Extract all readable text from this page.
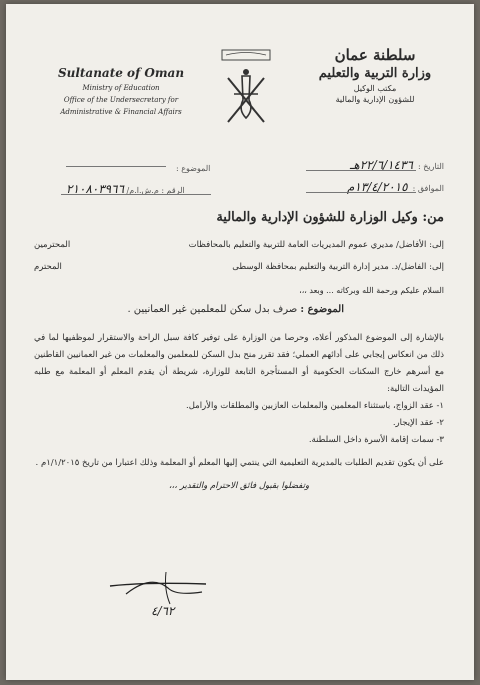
Sultanate of Oman
Ministry of Education
Office of the Undersecretary for
Administrative & Financial Affairs
سلطنة عمان
وزارة التربية والتعليم
مكتب الوكيل
للشؤون الإدارية والمالية
التاريخ : ٢٢/٦/١٤٣٦هـ
الموافق : ١٣/٤/٢٠١٥م
الموضوع :
الرقم : م.ش.ا.م/ ٢١٠٨٠٣٩٦٦
من: وكيل الوزارة للشؤون الإدارية والمالية
إلى: الأفاضل/ مديري عموم المديريات العامة للتربية والتعليم بالمحافظات
المحترمين
إلى: الفاضل/د. مدير إدارة التربية والتعليم بمحافظة الوسطى
المحترم
السلام عليكم ورحمة الله وبركاته ... وبعد ،،،
الموضوع : صرف بدل سكن للمعلمين غير العمانيين .

بالإشارة إلى الموضوع المذكور أعلاه، وحرصا من الوزارة على توفير كافة سبل الراحة والاستقرار لموظفيها لما في ذلك من انعكاس إيجابي على أدائهم العملي؛ فقد تقرر منح بدل السكن للمعلمين والمعلمات من غير العمانيين القاطنين مع أسرهم خارج السكنات الحكومية أو المستأجرة التابعة للوزارة، شريطة أن يقدم المعلم أو المعلمة مع طلبه المؤيدات التالية:

١- عقد الزواج، باستثناء المعلمين والمعلمات العازبين والمطلقات والأرامل.

٢- عقد الإيجار.

٣- سمات إقامة الأسرة داخل السلطنة.

على أن يكون تقديم الطلبات بالمديرية التعليمية التي ينتمي إليها المعلم أو المعلمة وذلك اعتبارا من تاريخ ١/١/٢٠١٥م .

وتفضلوا بقبول فائق الاحترام والتقدير ،،،

٤/٦٢
